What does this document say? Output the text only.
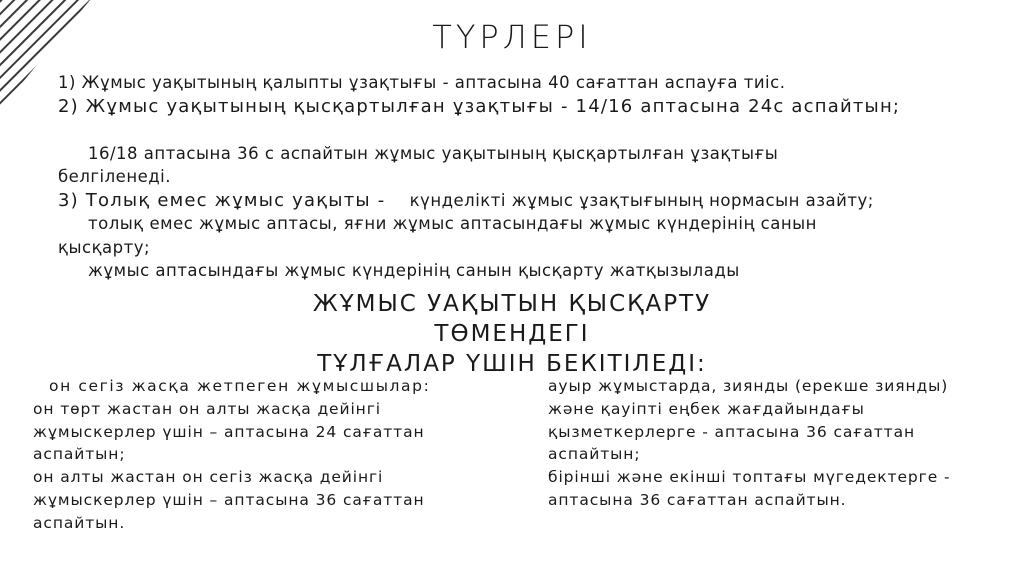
ТҮРЛЕРІ

1) Жұмыс уақытының қалыпты ұзақтығы - аптасына 40 сағаттан аспауға тиіс.

2) Жұмыс уақытының қысқартылған ұзақтығы - 14/16 аптасына 24с аспайтын;

16/18 аптасына 36 с аспайтын жұмыс уақытының қысқартылған ұзақтығы

белгіленеді.

3) Толық емес жұмыс уақыты -    күнделікті жұмыс ұзақтығының нормасын азайту;

толық емес жұмыс аптасы, яғни жұмыс аптасындағы жұмыс күндерінің санын

қысқарту;

жұмыс аптасындағы жұмыс күндерінің санын қысқарту жатқызылады

ЖҰМЫС УАҚЫТЫН ҚЫСҚАРТУ
ТӨМЕНДЕГІ
ТҰЛҒАЛАР ҮШІН БЕКІТІЛЕДІ:

он сегіз жасқа жетпеген жұмысшылар:

он төрт жастан он алты жасқа дейінгі

жұмыскерлер үшін – аптасына 24 сағаттан

аспайтын;

он алты жастан он сегіз жасқа дейінгі

жұмыскерлер үшін – аптасына 36 сағаттан

аспайтын.

ауыр жұмыстарда, зиянды (ерекше зиянды)

және қауіпті еңбек жағдайындағы

қызметкерлерге - аптасына 36 сағаттан

аспайтын;

бірінші және екінші топтағы мүгедектерге -

аптасына 36 сағаттан аспайтын.
